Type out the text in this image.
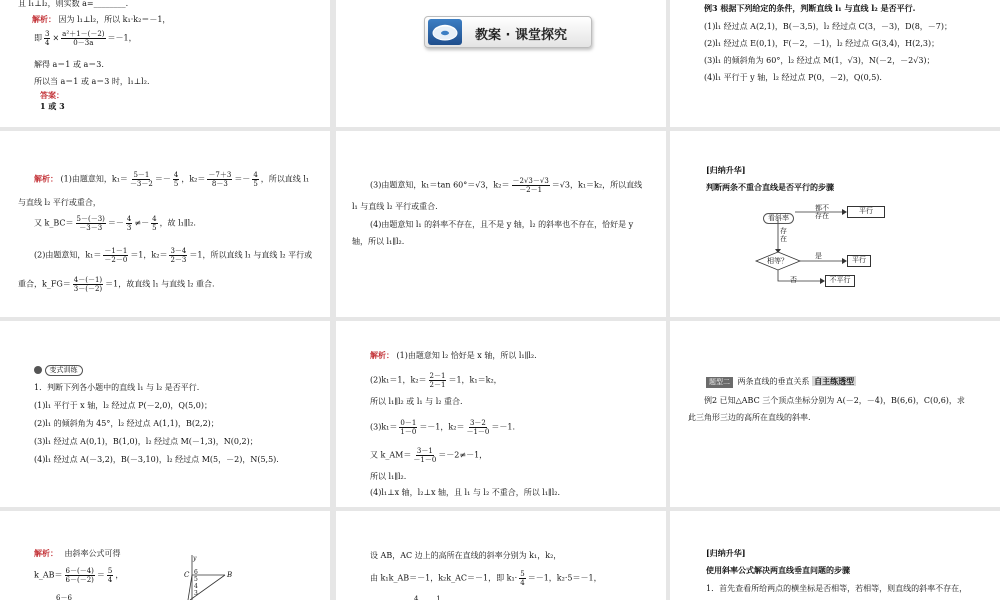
且 l₁⊥l₂，则实数 a=________.
解析： 因为 l₁⊥l₂，所以 k₁·k₂＝－1，
即 $\frac{3}{4} \times \frac{\text{a²＋1－(－2)}}{0-3a} =-1$，
解得 a＝1 或 a＝3.
所以当 a＝1 或 a＝3 时，l₁⊥l₂.
答案：
1 或 3
教案 · 课堂探究
例3 根据下列给定的条件，判断直线 l₁ 与直线 l₂ 是否平行.
(1)l₁ 经过点 A(2,1)，B(－3,5)，l₂ 经过点 C(3，－3)，D(8，－7)；
(2)l₁ 经过点 E(0,1)，F(－2，－1)，l₂ 经过点 G(3,4)，H(2,3)；
(3)l₁ 的倾斜角为 60°，l₂ 经过点 M(1，√3)，N(－2，－2√3)；
(4)l₁ 平行于 y 轴，l₂ 经过点 P(0，－2)，Q(0,5).
解析： (1)由题意知，$k_1= \frac{5-1}{-3-2} =- \frac{4}{5}$ ，$k_2= \frac{-7+3}{8-3} =- \frac{4}{5}$ ，所以直线 l₁
与直线 l₂ 平行或重合，
又 k_BC＝ $\frac{5-(-3)}{-3-3} =- \frac{4}{3} \ne- \frac{4}{5}$ ，故 l₁∥l₂.
(2)由题意知，$k_1= \frac{-1-1}{-2-0} =1$，$k_2= \frac{3-4}{2-3} =1$，所以直线 l₁ 与直线 l₂ 平行或
重合，k_FG＝ $\frac{4-(-1)}{3-(-2)} =1$，故直线 l₁ 与直线 l₂ 重合.
(3)由题意知，k₁＝tan 60°＝√3，$k_2= \frac{-2√3-√3}{-2-1} =√3$，k₁＝k₂，所以直线
l₁ 与直线 l₂ 平行或重合.
(4)由题意知 l₁ 的斜率不存在，且不是 y 轴，l₂ 的斜率也不存在，恰好是 y
轴，所以 l₁∥l₂.
[归纳升华]
判断两条不重合直线是否平行的步骤
看斜率
都不存在
平行
存在
相等？
是	平行
否	不平行
变式训练
1．判断下列各小题中的直线 l₁ 与 l₂ 是否平行.
(1)l₁ 平行于 x 轴，l₂ 经过点 P(－2,0)，Q(5,0)；
(2)l₁ 的倾斜角为 45°，l₂ 经过点 A(1,1)，B(2,2)；
(3)l₁ 经过点 A(0,1)，B(1,0)，l₂ 经过点 M(－1,3)，N(0,2)；
(4)l₁ 经过点 A(－3,2)，B(－3,10)，l₂ 经过点 M(5，－2)，N(5,5).
解析： (1)由题意知 l₂ 恰好是 x 轴，所以 l₁∥l₂.
(2)k₁＝1，$k_2= \frac{2-1}{2-1} =1$，k₁＝k₂，
所以 l₁∥l₂ 或 l₁ 与 l₂ 重合.
$(3)k_1= \frac{0-1}{1-0} =-1$，$k_2= \frac{3-2}{-1-0} =-1$.
又 k_AM＝ $\frac{3-1}{-1-0} =-2\ne-1$，
所以 l₁∥l₂.
(4)l₁⊥x 轴，l₂⊥x 轴，且 l₁ 与 l₂ 不重合，所以 l₁∥l₂.
题型二 两条直线的垂直关系 自主练透型
例2 已知△ABC 三个顶点坐标分别为 A(－2，－4)，B(6,6)，C(0,6)，求
此三角形三边的高所在直线的斜率.
解析： 由斜率公式可得
k_AB＝ $\frac{6-(-4)}{6-(-2)} = \frac{5}{4}$ ，
6－6
y
C	B
6
5
4
3
设 AB，AC 边上的高所在直线的斜率分别为 k₁，k₂，
由 k₁k_AB＝－1，k₂k_AC＝－1，即 $k_1\cdot \frac{5}{4} =-1$，k₂·5＝－1，
4        1
[归纳升华]
使用斜率公式解决两直线垂直问题的步骤
1．首先查看所给两点的横坐标是否相等，若相等，则直线的斜率不存在，
